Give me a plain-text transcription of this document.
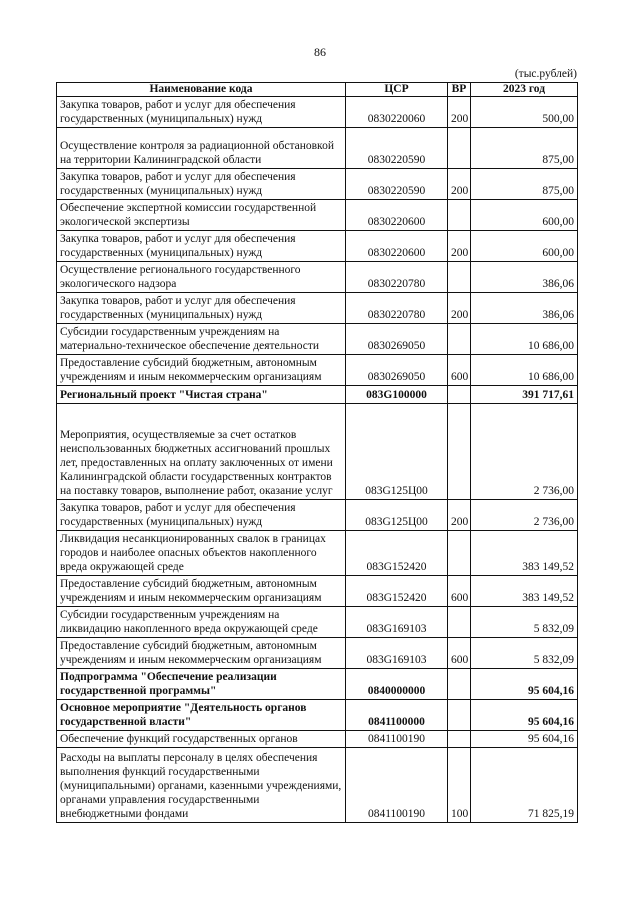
86
(тыс.рублей)
Наименование кода	ЦСР	ВР	2023 год
Закупка товаров, работ и услуг для обеспечения государственных (муниципальных) нужд	0830220060	200	500,00
Осуществление контроля за радиационной обстановкой на территории Калининградской области	0830220590		875,00
Закупка товаров, работ и услуг для обеспечения государственных (муниципальных) нужд	0830220590	200	875,00
Обеспечение экспертной комиссии государственной экологической экспертизы	0830220600		600,00
Закупка товаров, работ и услуг для обеспечения государственных (муниципальных) нужд	0830220600	200	600,00
Осуществление регионального государственного экологического надзора	0830220780		386,06
Закупка товаров, работ и услуг для обеспечения государственных (муниципальных) нужд	0830220780	200	386,06
Субсидии государственным учреждениям на материально-техническое обеспечение деятельности	0830269050		10 686,00
Предоставление субсидий бюджетным, автономным учреждениям и иным некоммерческим организациям	0830269050	600	10 686,00
Региональный проект "Чистая страна"	083G100000		391 717,61
Мероприятия, осуществляемые за счет остатков неиспользованных бюджетных ассигнований прошлых лет, предоставленных на оплату заключенных от имени Калининградской области государственных контрактов на поставку товаров, выполнение работ, оказание услуг	083G125Ц00		2 736,00
Закупка товаров, работ и услуг для обеспечения государственных (муниципальных) нужд	083G125Ц00	200	2 736,00
Ликвидация несанкционированных свалок в границах городов и наиболее опасных объектов накопленного вреда окружающей среде	083G152420		383 149,52
Предоставление субсидий бюджетным, автономным учреждениям и иным некоммерческим организациям	083G152420	600	383 149,52
Субсидии государственным учреждениям на ликвидацию накопленного вреда окружающей среде	083G169103		5 832,09
Предоставление субсидий бюджетным, автономным учреждениям и иным некоммерческим организациям	083G169103	600	5 832,09
Подпрограмма "Обеспечение реализации государственной программы"	0840000000		95 604,16
Основное мероприятие "Деятельность органов государственной власти"	0841100000		95 604,16
Обеспечение функций государственных органов	0841100190		95 604,16
Расходы на выплаты персоналу в целях обеспечения выполнения функций государственными (муниципальными) органами, казенными учреждениями, органами управления государственными внебюджетными фондами	0841100190	100	71 825,19
